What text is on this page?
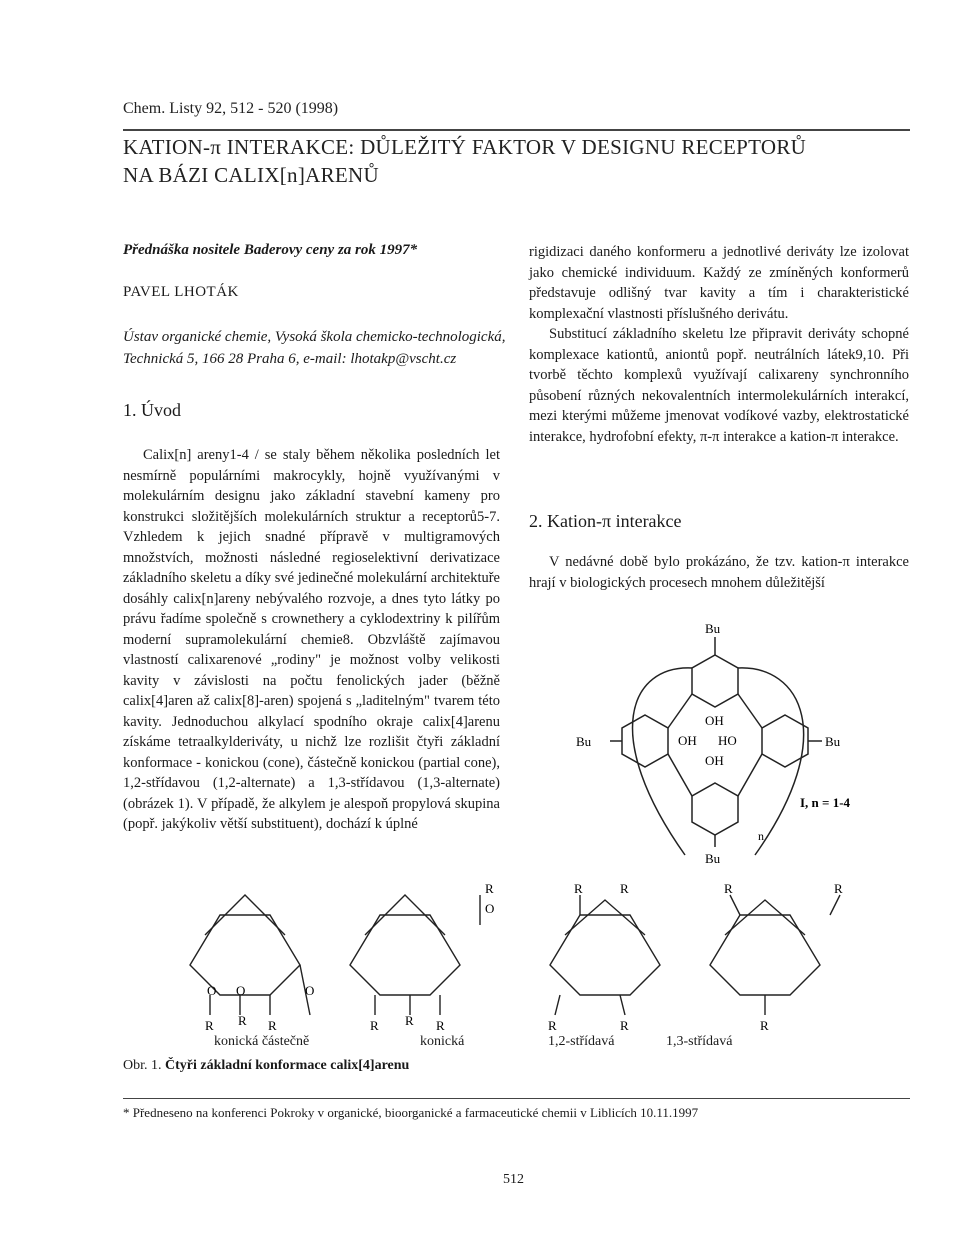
Chem. Listy 92, 512 - 520 (1998)
KATION-π INTERAKCE: DŮLEŽITÝ FAKTOR V DESIGNU RECEPTORŮ
NA BÁZI CALIX[n]ARENŮ
Přednáška nositele Baderovy ceny za rok 1997*
PAVEL LHOTÁK
Ústav organické chemie, Vysoká škola chemicko-technologická, Technická 5, 166 28 Praha 6, e-mail: lhotakp@vscht.cz
1. Úvod

Calix[n] areny1-4 / se staly během několika posledních let nesmírně populárními makrocykly, hojně využívanými v molekulárním designu jako základní stavební kameny pro konstrukci složitějších molekulárních struktur a receptorů5-7. Vzhledem k jejich snadné přípravě v multigramových množstvích, možnosti následné regioselektivní derivatizace základního skeletu a díky své jedinečné molekulární architektuře dosáhly calix[n]areny nebývalého rozvoje, a dnes tyto látky po právu řadíme společně s crownethery a cyklodextriny k pilířům moderní supramolekulární chemie8. Obzvláště zajímavou vlastností calixarenové „rodiny" je možnost volby velikosti kavity v závislosti na počtu fenolických jader (běžně calix[4]aren až calix[8]-aren) spojená s „laditelným" tvarem této kavity. Jednoduchou alkylací spodního okraje calix[4]arenu získáme tetraalkylderiváty, u nichž lze rozlišit čtyři základní konformace - konickou (cone), částečně konickou (partial cone), 1,2-střídavou (1,2-alternate) a 1,3-střídavou (1,3-alternate) (obrázek 1). V případě, že alkylem je alespoň propylová skupina (popř. jakýkoliv větší substituent), dochází k úplné

rigidizaci daného konformeru a jednotlivé deriváty lze izolovat jako chemické individuum. Každý ze zmíněných konformerů představuje odlišný tvar kavity a tím i charakteristické komplexační vlastnosti příslušného derivátu.

Substitucí základního skeletu lze připravit deriváty schopné komplexace kationtů, aniontů popř. neutrálních látek9,10. Při tvorbě těchto komplexů využívají calixareny synchronního působení různých nekovalentních intermolekulárních interakcí, mezi kterými můžeme jmenovat vodíkové vazby, elektrostatické interakce, hydrofobní efekty, π-π interakce a kation-π interakce.

2. Kation-π interakce

V nedávné době bylo prokázáno, že tzv. kation-π interakce hrají v biologických procesech mnohem důležitější

Bu
Bu	Bu
Bu
OH
OH HO
OH
n
I, n = 1-4
R R R
O O	O
R R R
R
O
R	R
R	R
R	R
R
konická částečně	konická	1,2-střídavá	1,3-střídavá
Obr. 1. Čtyři základní konformace calix[4]arenu
* Předneseno na konferenci Pokroky v organické, bioorganické a farmaceutické chemii v Liblicích 10.11.1997
512
